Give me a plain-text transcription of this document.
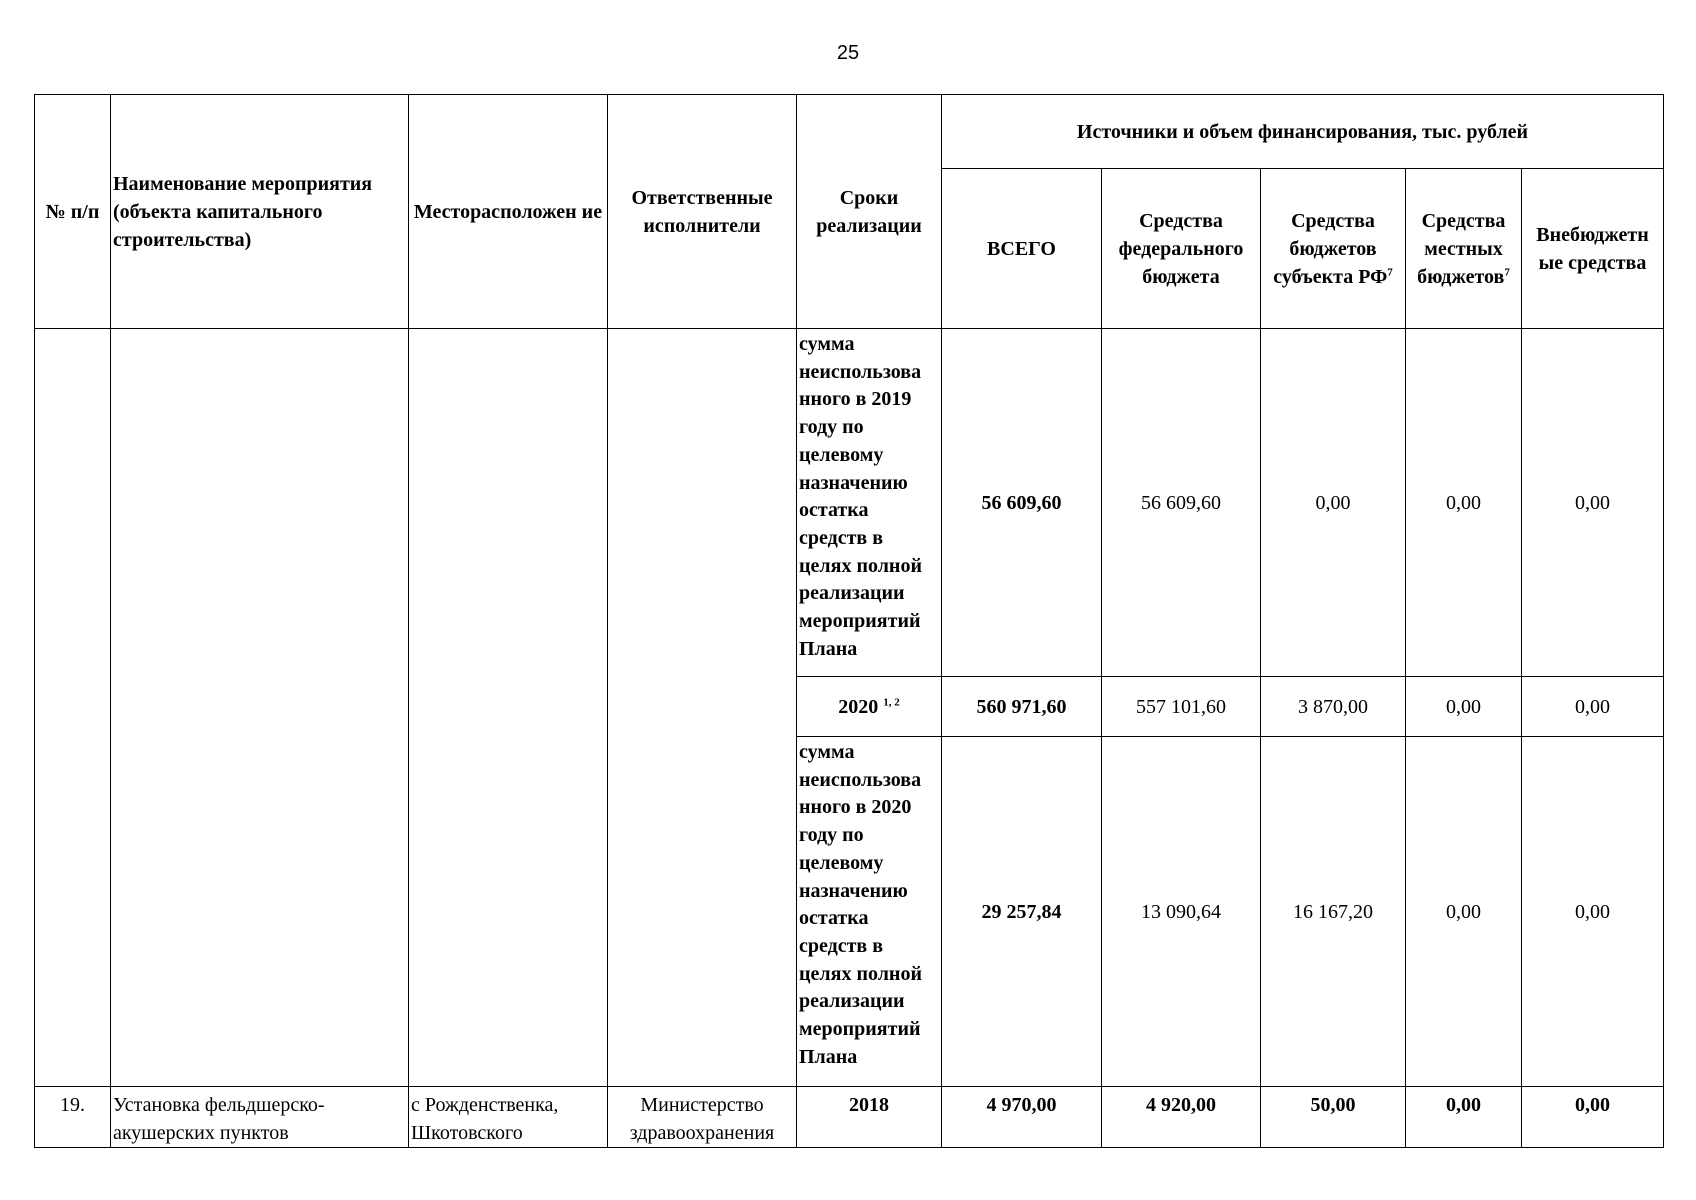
25
№ п/п	Наименование мероприятия (объекта капитального строительства)	Месторасположен ие	Ответственные исполнители	Сроки реализации	Источники и объем финансирования, тыс. рублей				
					ВСЕГО	Средства федерального бюджета	Средства бюджетов субъекта $РФ^7$	Средства местных бюджетов$^7$	Внебюджетн ые средства
				сумма неиспользова нного в 2019 году по целевому назначению остатка средств в целях полной реализации мероприятий Плана	56 609,60	56 609,60	0,00	0,00	0,00
				2020 $^{1, 2}$	560 971,60	557 101,60	3 870,00	0,00	0,00
				сумма неиспользова нного в 2020 году по целевому назначению остатка средств в целях полной реализации мероприятий Плана	29 257,84	13 090,64	16 167,20	0,00	0,00
19.	Установка фельдшерско-акушерских пунктов	с Рожденственка, Шкотовского	Министерство здравоохранения	2018	4 970,00	4 920,00	50,00	0,00	0,00
